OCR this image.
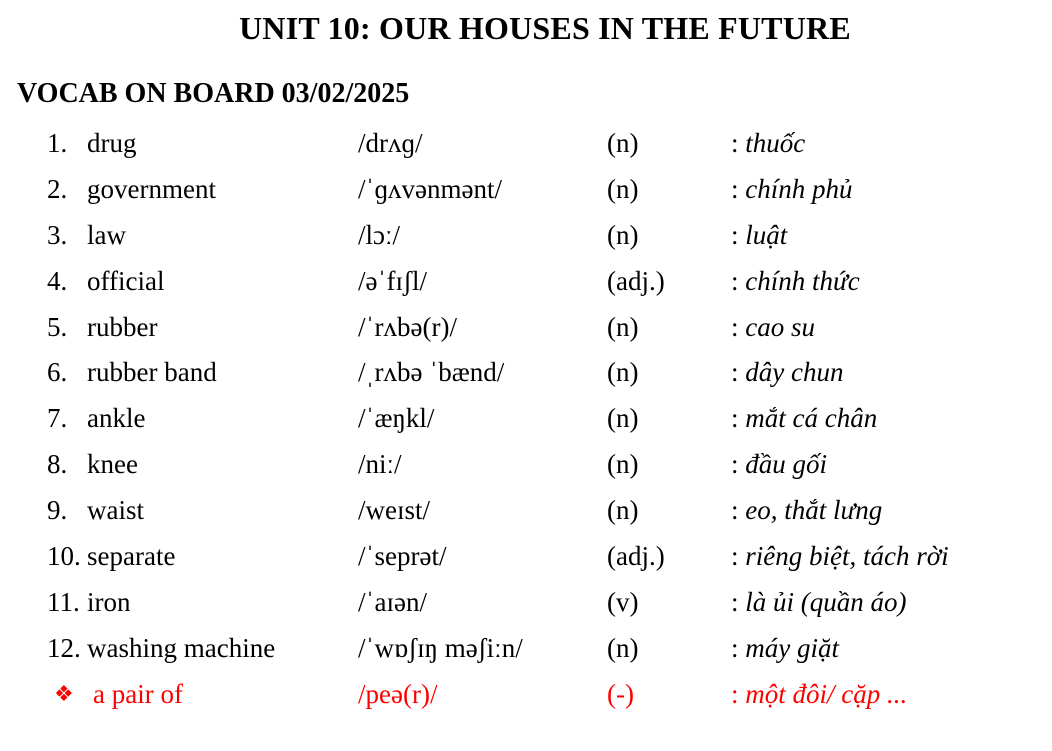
UNIT 10: OUR HOUSES IN THE FUTURE
VOCAB ON BOARD 03/02/2025
1. drug	/drʌɡ/	(n)	: thuốc
2. government	/ˈɡʌvənmənt/	(n)	: chính phủ
3. law	/lɔː/	(n)	: luật
4. official	/əˈfɪʃl/	(adj.) : chính thức
5. rubber	/ˈrʌbə(r)/	(n)	: cao su
6. rubber band	/ˌrʌbə ˈbænd/	(n)	: dây chun
7. ankle	/ˈæŋkl/	(n)	: mắt cá chân
8. knee	/niː/	(n)	: đầu gối
9. waist	/weɪst/	(n)	: eo, thắt lưng
10. separate	/ˈseprət/	(adj.) : riêng biệt, tách rời
11. iron	/ˈaɪən/	(v)	: là ủi (quần áo)
12. washing machine	/ˈwɒʃɪŋ məʃiːn/	(n)	: máy giặt
❖ a pair of	/peə(r)/	(-)	: một đôi/ cặp ...
